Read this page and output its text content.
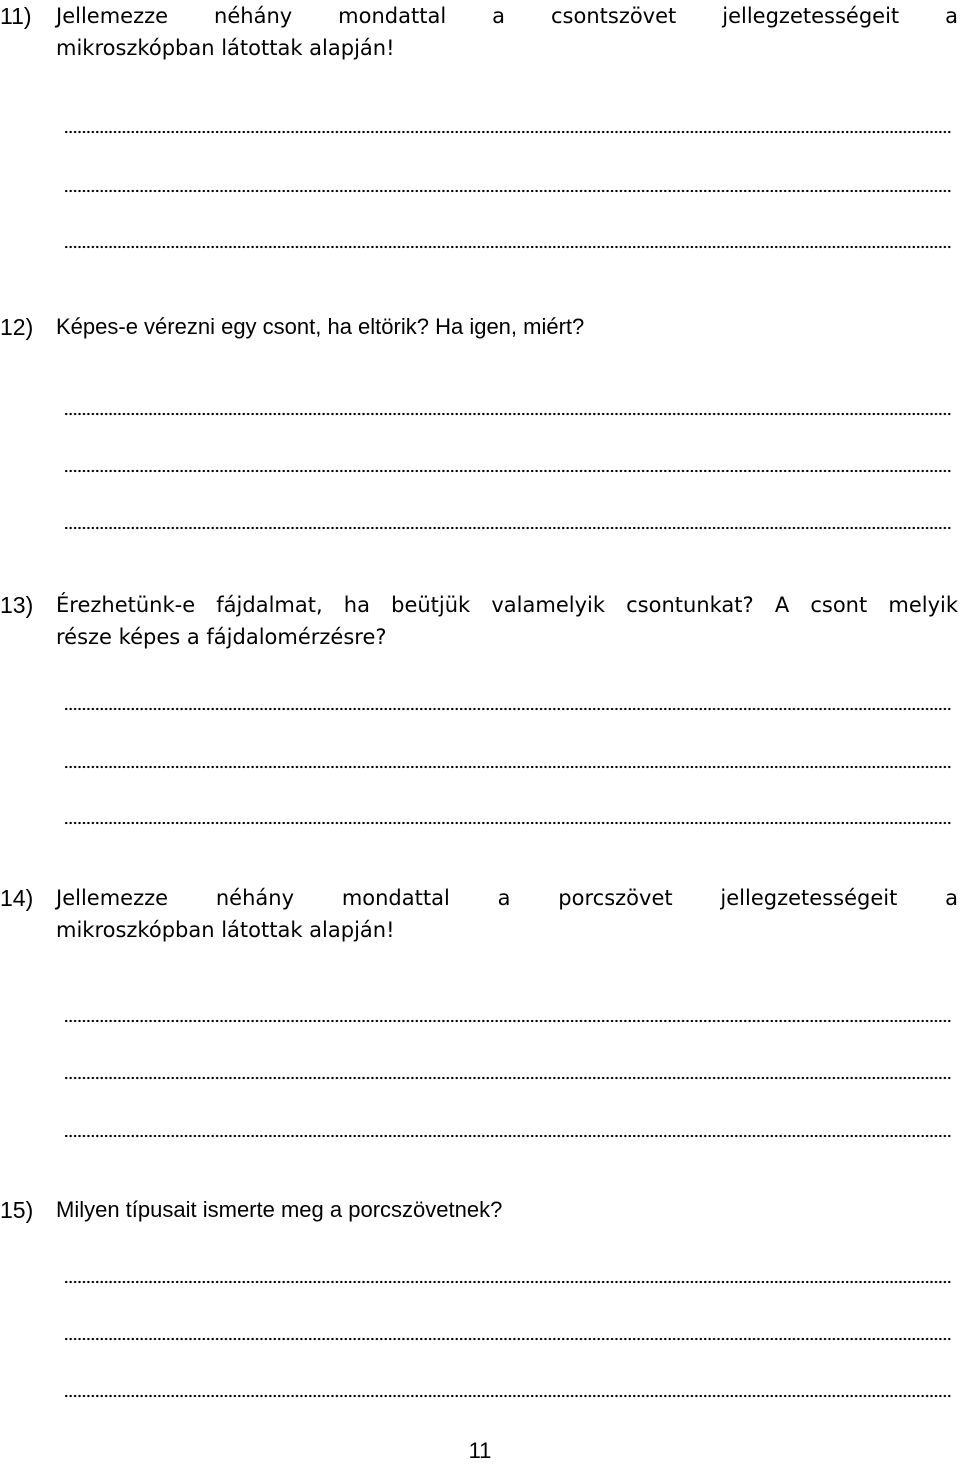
11) Jellemezze néhány mondattal a csontszövet jellegzetességeit a
mikroszkópban látottak alapján!
12) Képes-e vérezni egy csont, ha eltörik? Ha igen, miért?
13) Érezhetünk-e fájdalmat, ha beütjük valamelyik csontunkat? A csont melyik
része képes a fájdalomérzésre?
14) Jellemezze néhány mondattal a porcszövet jellegzetességeit a
mikroszkópban látottak alapján!
15) Milyen típusait ismerte meg a porcszövetnek?
11
